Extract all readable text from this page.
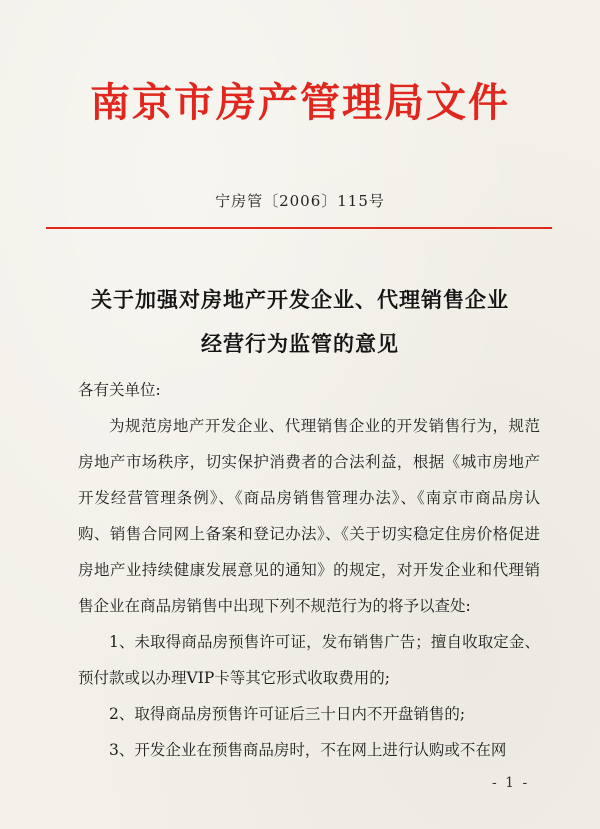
南京市房产管理局文件
宁房管〔2006〕115号
关于加强对房地产开发企业、代理销售企业
经营行为监管的意见

各有关单位:

为规范房地产开发企业、代理销售企业的开发销售行为，规范房地产市场秩序，切实保护消费者的合法利益，根据《城市房地产开发经营管理条例》、《商品房销售管理办法》、《南京市商品房认购、销售合同网上备案和登记办法》、《关于切实稳定住房价格促进房地产业持续健康发展意见的通知》的规定，对开发企业和代理销售企业在商品房销售中出现下列不规范行为的将予以查处:

1、未取得商品房预售许可证，发布销售广告；擅自收取定金、预付款或以办理VIP卡等其它形式收取费用的;

2、取得商品房预售许可证后三十日内不开盘销售的;

3、开发企业在预售商品房时，不在网上进行认购或不在网

- 1 -
